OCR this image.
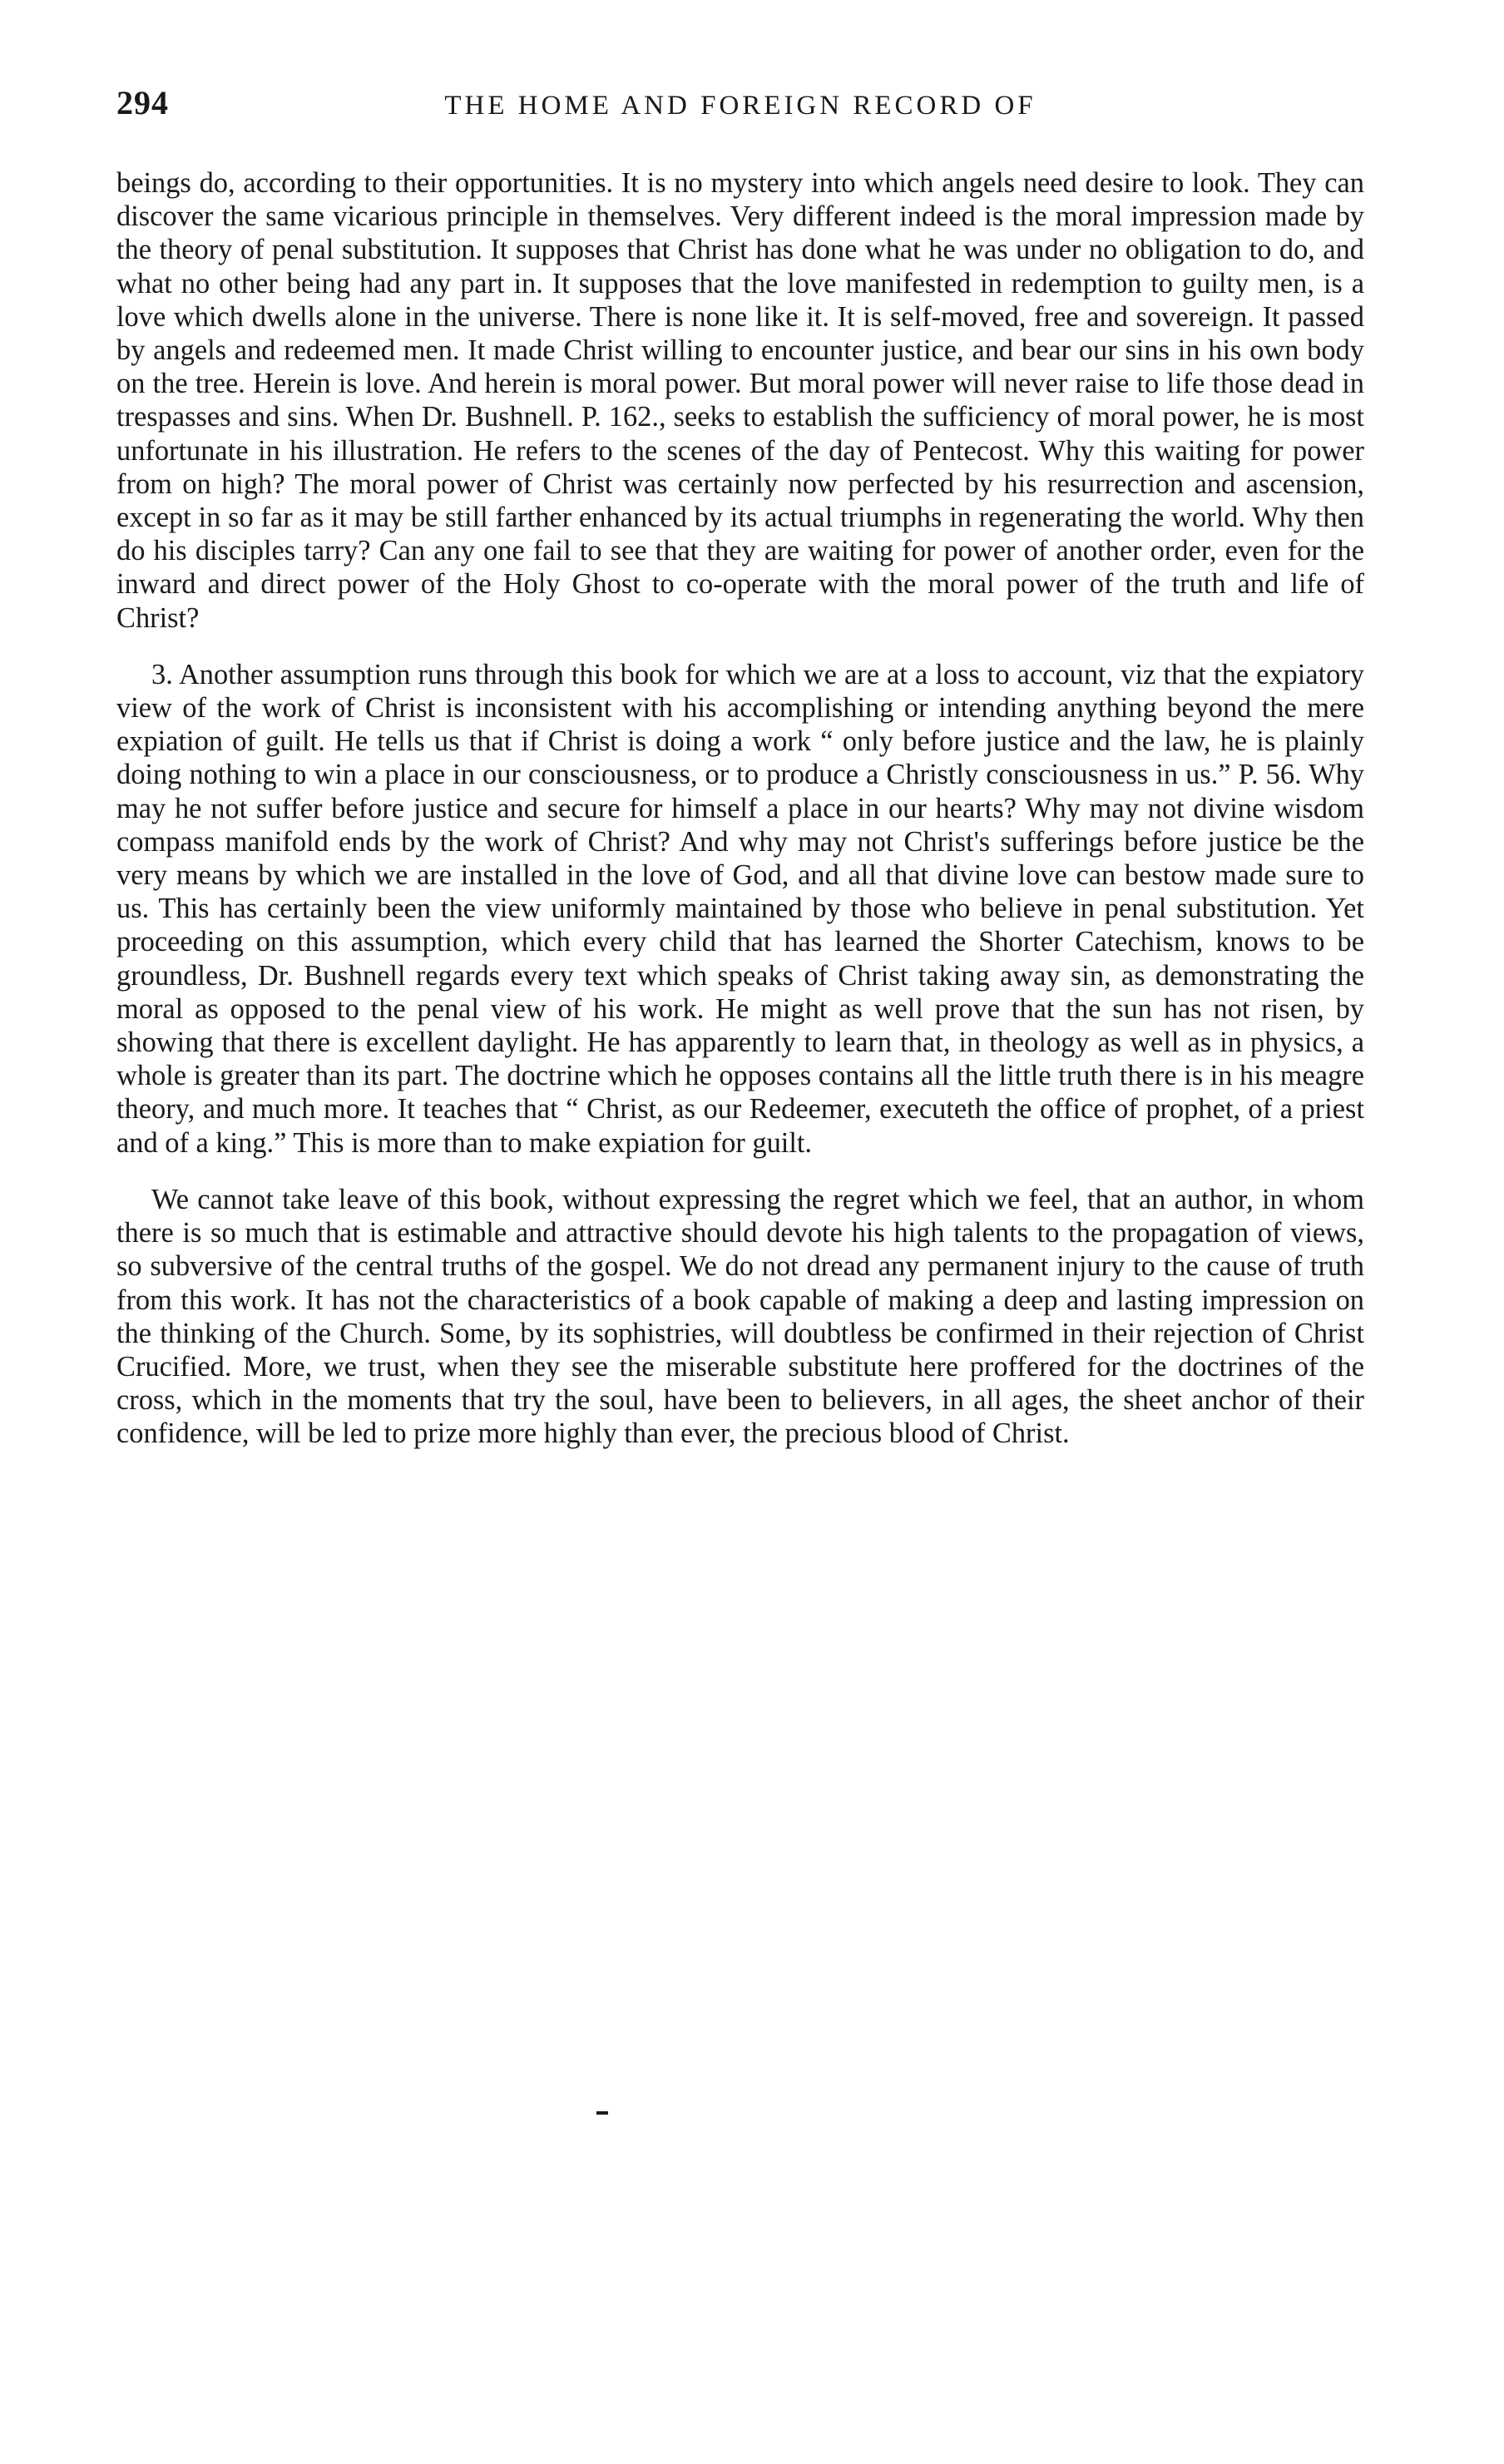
294	THE HOME AND FOREIGN RECORD OF

beings do, according to their opportunities. It is no mystery into which angels need desire to look. They can discover the same vicarious principle in themselves. Very different indeed is the moral impression made by the theory of penal substitution. It supposes that Christ has done what he was under no obligation to do, and what no other being had any part in. It supposes that the love manifested in redemption to guilty men, is a love which dwells alone in the universe. There is none like it. It is self-moved, free and sovereign. It passed by angels and redeemed men. It made Christ willing to encounter justice, and bear our sins in his own body on the tree. Herein is love. And herein is moral power. But moral power will never raise to life those dead in trespasses and sins. When Dr. Bushnell. P. 162., seeks to establish the sufficiency of moral power, he is most unfortunate in his illustration. He refers to the scenes of the day of Pentecost. Why this waiting for power from on high? The moral power of Christ was certainly now perfected by his resurrection and ascension, except in so far as it may be still farther enhanced by its actual triumphs in regenerating the world. Why then do his disciples tarry? Can any one fail to see that they are waiting for power of another order, even for the inward and direct power of the Holy Ghost to co-operate with the moral power of the truth and life of Christ?

3. Another assumption runs through this book for which we are at a loss to account, viz that the expiatory view of the work of Christ is inconsistent with his accomplishing or intending anything beyond the mere expiation of guilt. He tells us that if Christ is doing a work “ only before justice and the law, he is plainly doing nothing to win a place in our consciousness, or to produce a Christly consciousness in us.” P. 56. Why may he not suffer before justice and secure for himself a place in our hearts? Why may not divine wisdom compass manifold ends by the work of Christ? And why may not Christ's sufferings before justice be the very means by which we are installed in the love of God, and all that divine love can bestow made sure to us. This has certainly been the view uniformly maintained by those who believe in penal substitution. Yet proceeding on this assumption, which every child that has learned the Shorter Catechism, knows to be groundless, Dr. Bushnell regards every text which speaks of Christ taking away sin, as demonstrating the moral as opposed to the penal view of his work. He might as well prove that the sun has not risen, by showing that there is excellent daylight. He has apparently to learn that, in theology as well as in physics, a whole is greater than its part. The doctrine which he opposes contains all the little truth there is in his meagre theory, and much more. It teaches that “ Christ, as our Redeemer, executeth the office of prophet, of a priest and of a king.” This is more than to make expiation for guilt.

We cannot take leave of this book, without expressing the regret which we feel, that an author, in whom there is so much that is estimable and attractive should devote his high talents to the propagation of views, so subversive of the central truths of the gospel. We do not dread any permanent injury to the cause of truth from this work. It has not the characteristics of a book capable of making a deep and lasting impression on the thinking of the Church. Some, by its sophistries, will doubtless be confirmed in their rejection of Christ Crucified. More, we trust, when they see the miserable substitute here proffered for the doctrines of the cross, which in the moments that try the soul, have been to believers, in all ages, the sheet anchor of their confidence, will be led to prize more highly than ever, the precious blood of Christ.
